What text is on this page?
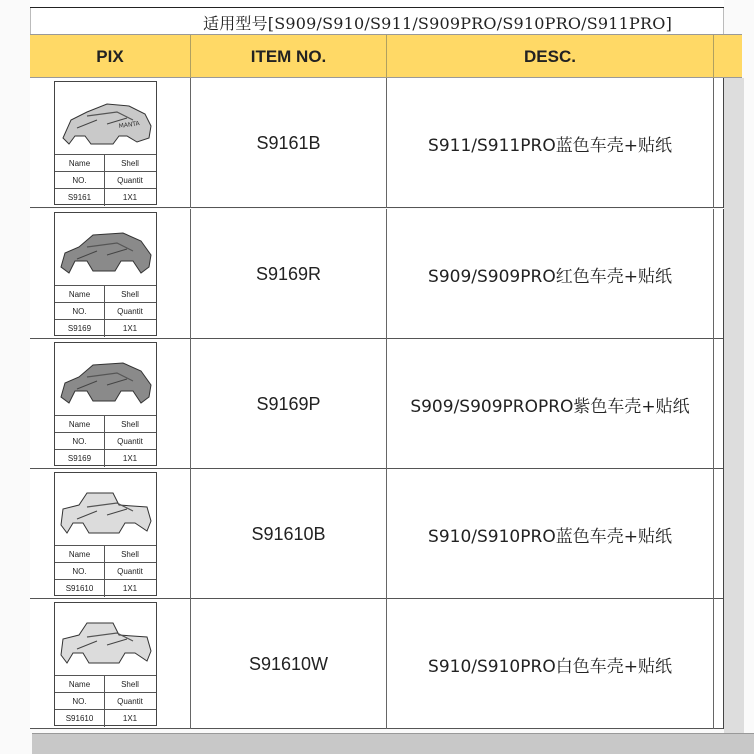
适用型号[S909/S910/S911/S909PRO/S910PRO/S911PRO]
PIX	ITEM NO.	DESC.
MANTA
Name	Shell
NO.	Quantit
S9161	1X1
S9161B	S911/S911PRO蓝色车壳+贴纸
Name	Shell
NO.	Quantit
S9169	1X1
S9169R	S909/S909PRO红色车壳+贴纸
Name	Shell
NO.	Quantit
S9169	1X1
S9169P	S909/S909PROPRO紫色车壳+贴纸
Name	Shell
NO.	Quantit
S91610	1X1
S91610B	S910/S910PRO蓝色车壳+贴纸
Name	Shell
NO.	Quantit
S91610	1X1
S91610W	S910/S910PRO白色车壳+贴纸
